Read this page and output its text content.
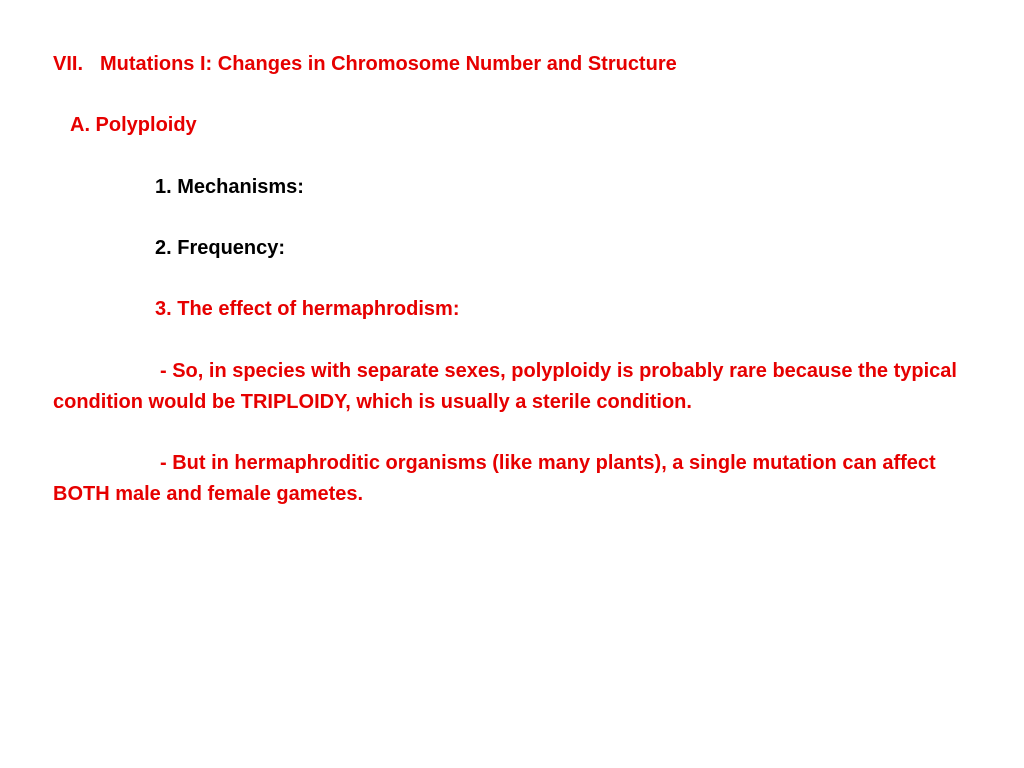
VII. Mutations I: Changes in Chromosome Number and Structure
A. Polyploidy
1. Mechanisms:
2. Frequency:
3. The effect of hermaphrodism:

- So, in species with separate sexes, polyploidy is probably rare because the typical condition would be TRIPLOIDY, which is usually a sterile condition.

- But in hermaphroditic organisms (like many plants), a single mutation can affect BOTH male and female gametes.
